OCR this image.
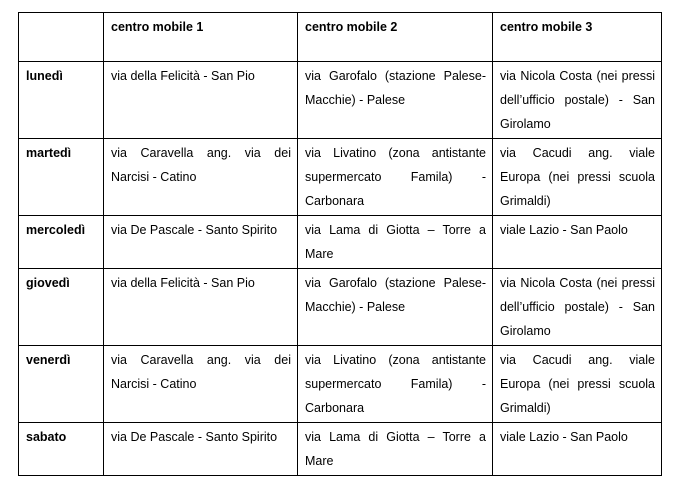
	centro mobile 1	centro mobile 2	centro mobile 3
lunedì	via della Felicità - San Pio	via Garofalo (stazione Palese-Macchie) - Palese	via Nicola Costa (nei pressi dell’ufficio postale) - San Girolamo
martedì	via Caravella ang. via dei Narcisi - Catino	via Livatino (zona antistante supermercato Famila) - Carbonara	via Cacudi ang. viale Europa (nei pressi scuola Grimaldi)
mercoledì	via De Pascale - Santo Spirito	via Lama di Giotta – Torre a Mare	viale Lazio - San Paolo
giovedì	via della Felicità - San Pio	via Garofalo (stazione Palese-Macchie) - Palese	via Nicola Costa (nei pressi dell’ufficio postale) - San Girolamo
venerdì	via Caravella ang. via dei Narcisi - Catino	via Livatino (zona antistante supermercato Famila) - Carbonara	via Cacudi ang. viale Europa (nei pressi scuola Grimaldi)
sabato	via De Pascale - Santo Spirito	via Lama di Giotta – Torre a Mare	viale Lazio - San Paolo
